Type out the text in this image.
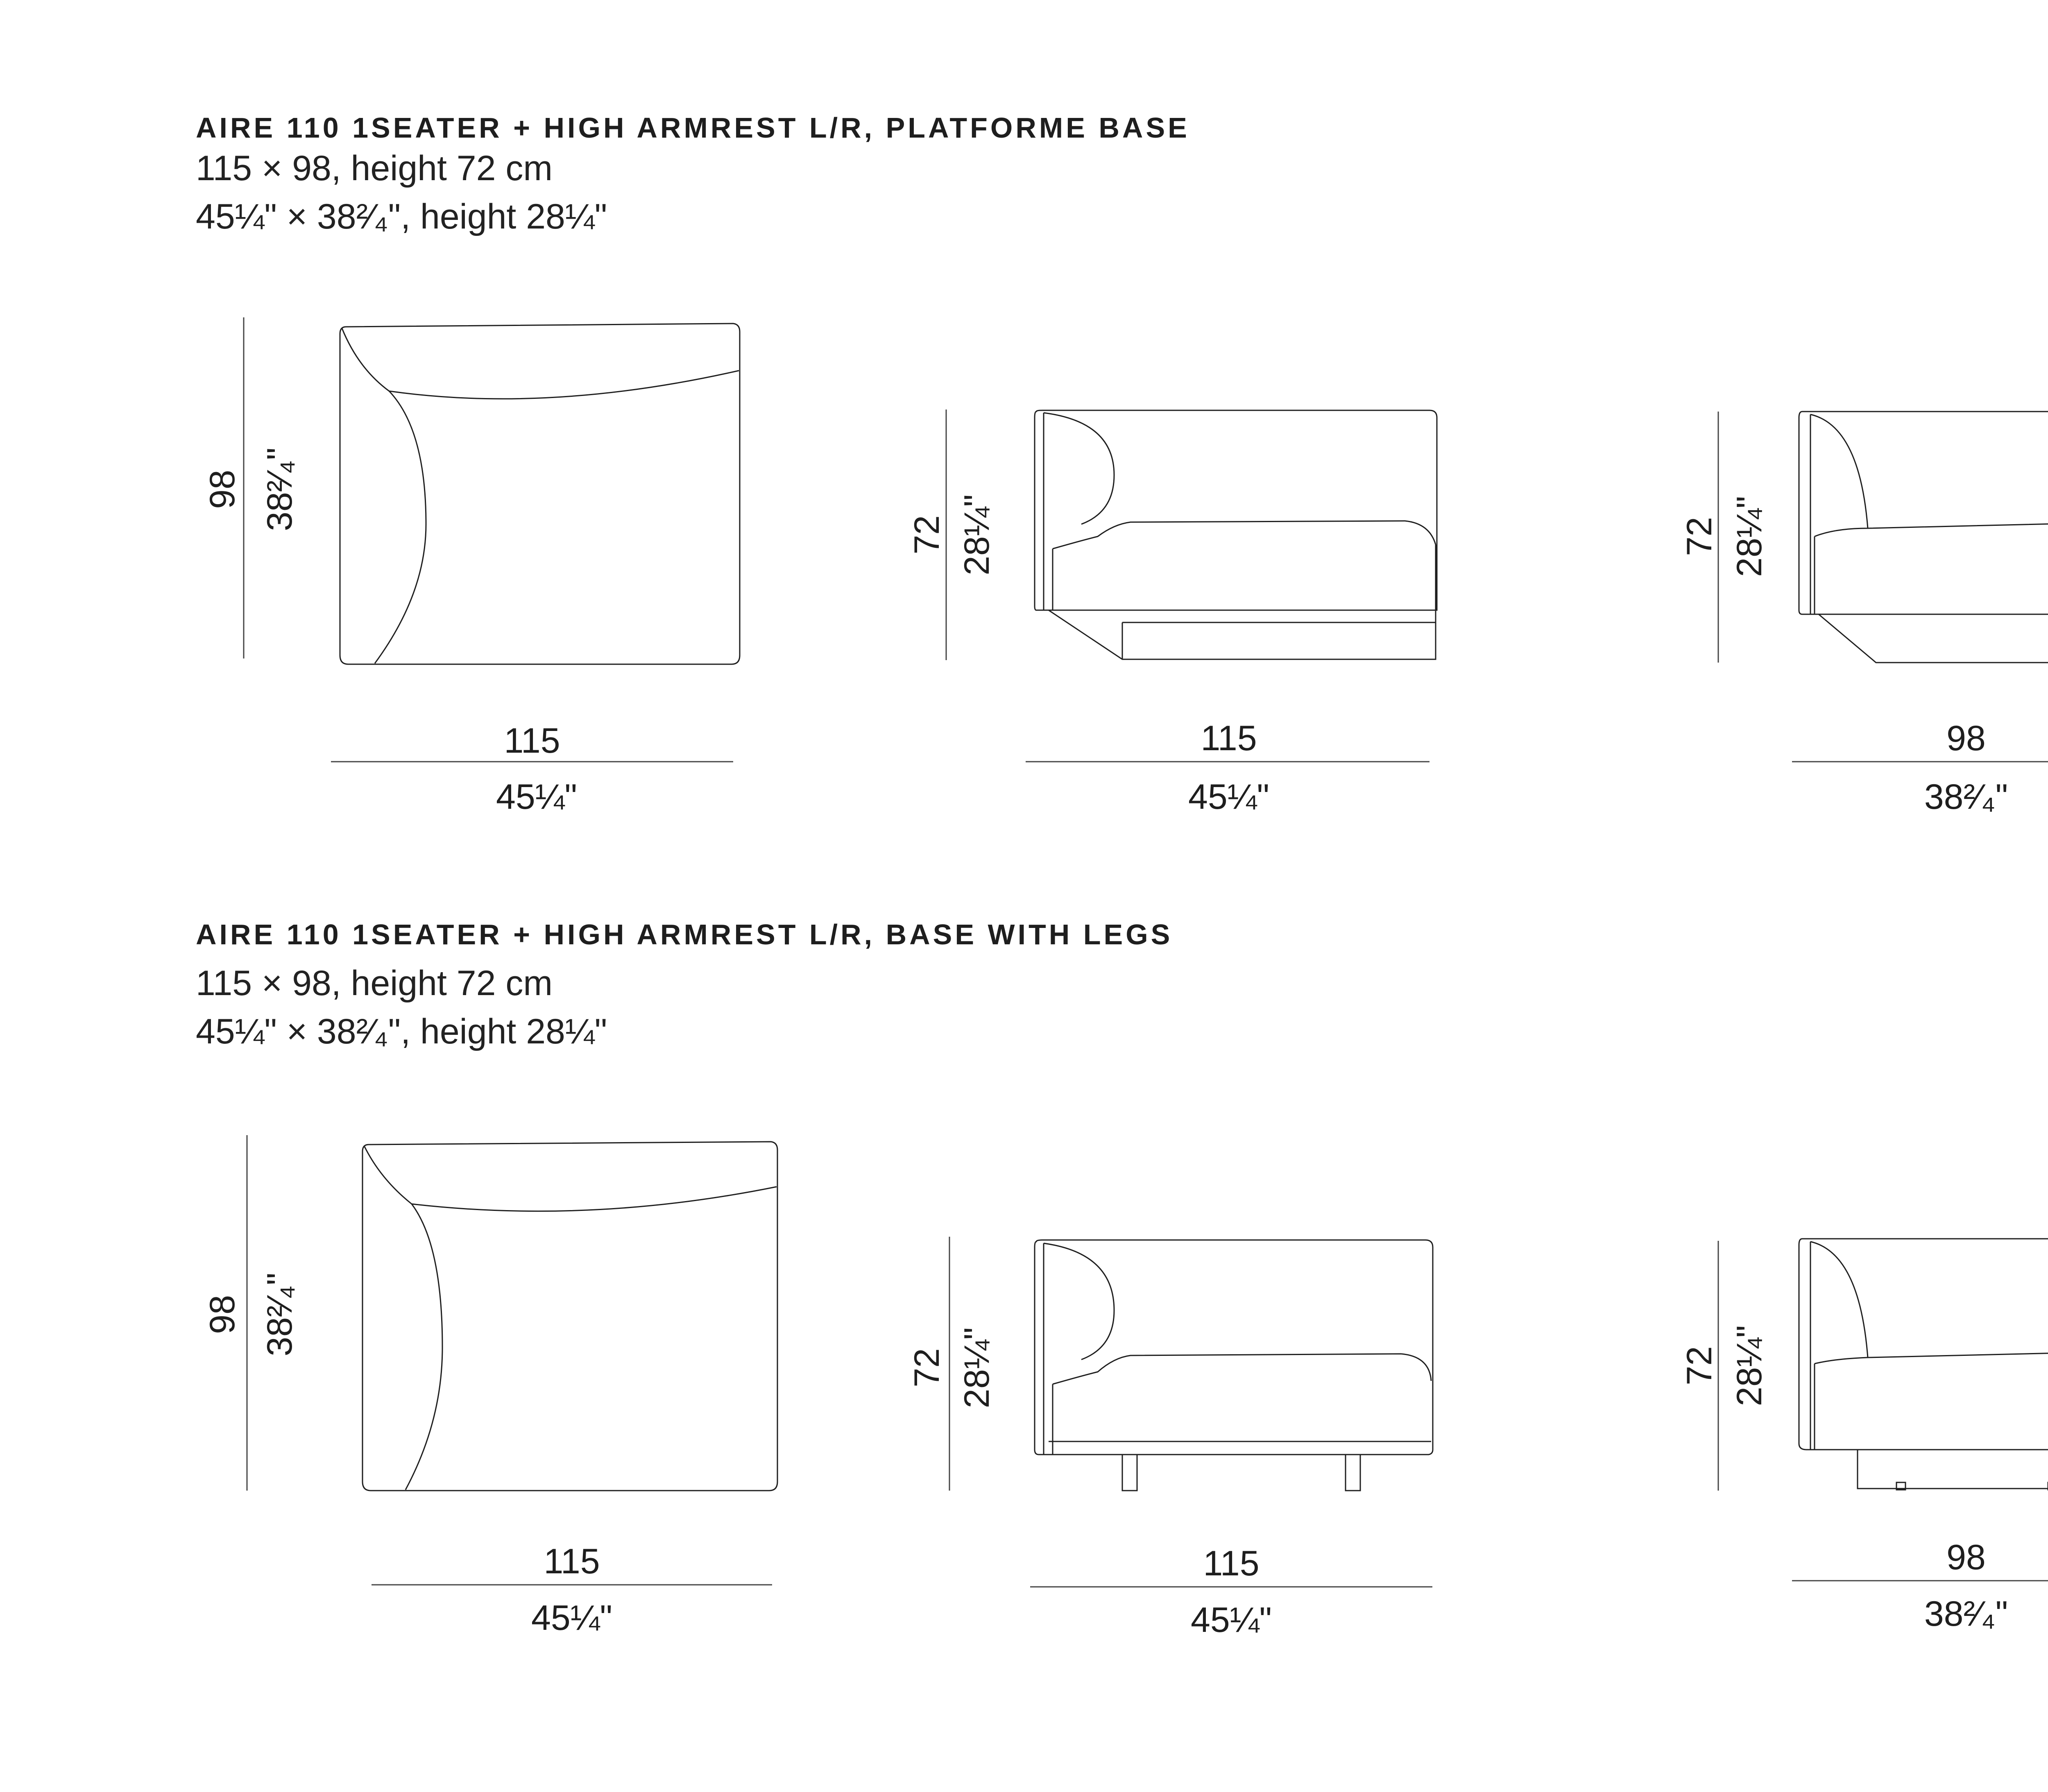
AIRE 110 1SEATER + HIGH ARMREST L/R, PLATFORME BASE

115 × 98, height 72 cm

45¼" × 38²⁄₄", height 28¼"

AIRE 110 1SEATER + HIGH ARMREST L/R, BASE WITH LEGS

115 × 98, height 72 cm

45¼" × 38²⁄₄", height 28¼"

98 38²⁄₄"
115
45¼"
72 28¼"
115
45¼"
72 28¼"
98
38²⁄₄"
98 38²⁄₄"
115
45¼"
72 28¼"
115
45¼"
72 28¼"
98
38²⁄₄"
